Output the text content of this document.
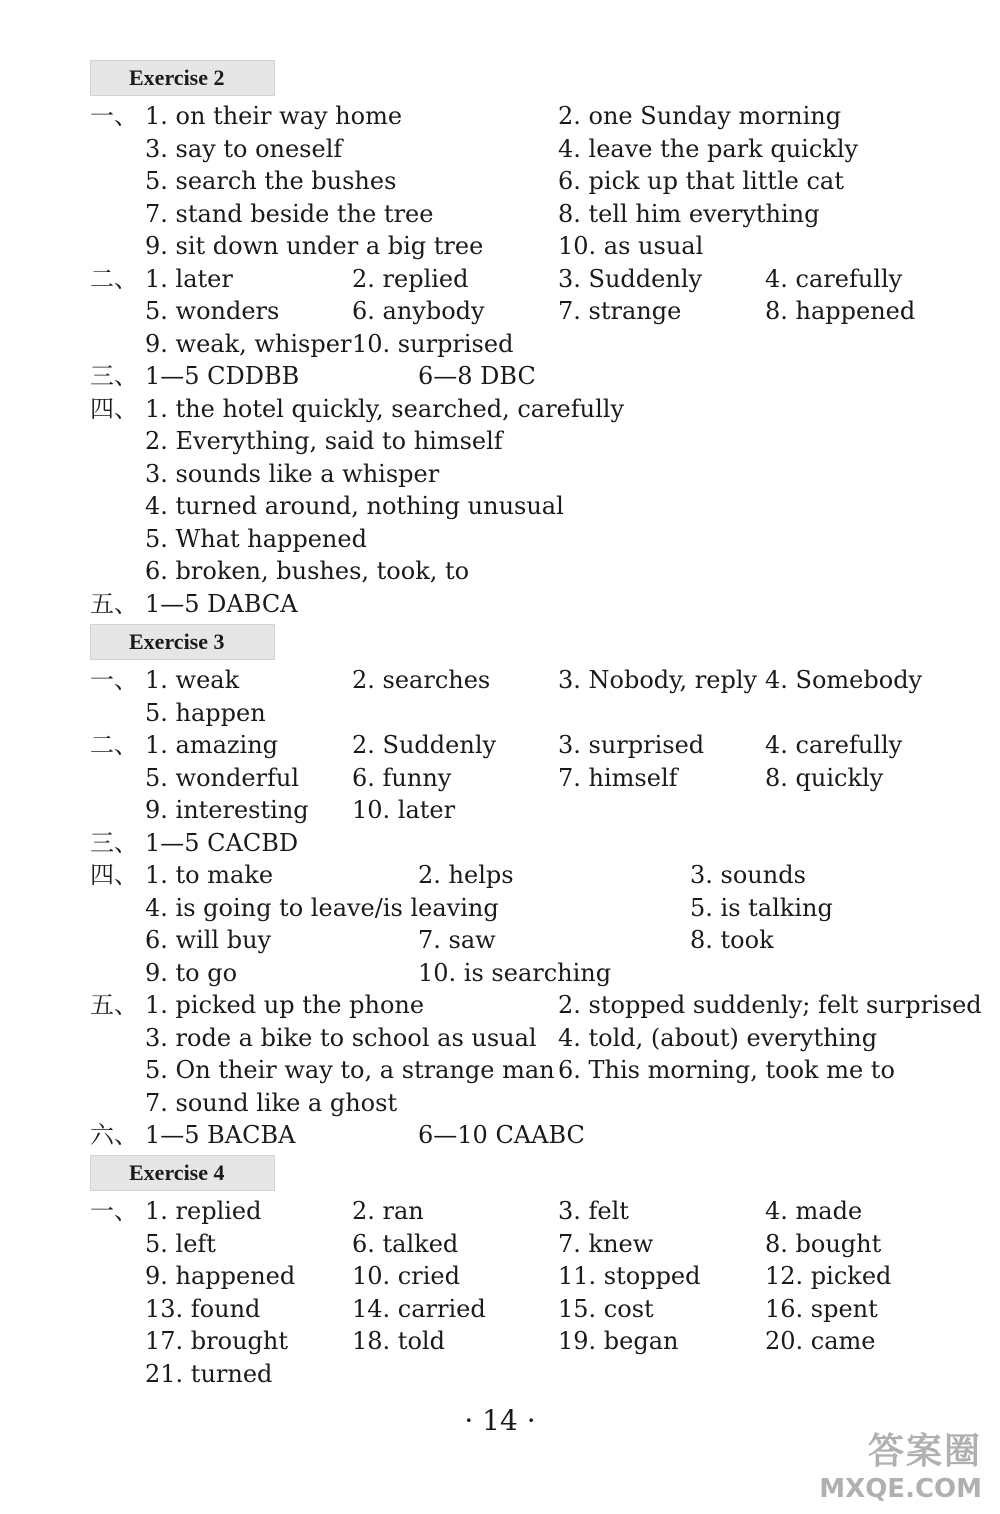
Exercise 2
一、 1. on their way home	2. one Sunday morning
3. say to oneself	4. leave the park quickly
5. search the bushes	6. pick up that little cat
7. stand beside the tree	8. tell him everything
9. sit down under a big tree	10. as usual
二、 1. later	2. replied	3. Suddenly	4. carefully
5. wonders	6. anybody	7. strange	8. happened
9. weak, whisper 10. surprised
三、 1—5 CDDBB	6—8 DBC
四、 1. the hotel quickly, searched, carefully
2. Everything, said to himself
3. sounds like a whisper
4. turned around, nothing unusual
5. What happened
6. broken, bushes, took, to
五、 1—5 DABCA
Exercise 3
一、 1. weak	2. searches	3. Nobody, reply 4. Somebody
5. happen
二、 1. amazing	2. Suddenly	3. surprised	4. carefully
5. wonderful 6. funny	7. himself	8. quickly
9. interesting 10. later
三、 1—5 CACBD
四、 1. to make	2. helps	3. sounds
4. is going to leave/is leaving	5. is talking
6. will buy	7. saw	8. took
9. to go	10. is searching
五、 1. picked up the phone	2. stopped suddenly; felt surprised
3. rode a bike to school as usual 4. told, (about) everything
5. On their way to, a strange man 6. This morning, took me to
7. sound like a ghost
六、 1—5 BACBA	6—10 CAABC
Exercise 4
一、 1. replied	2. ran	3. felt	4. made
5. left	6. talked	7. knew	8. bought
9. happened 10. cried	11. stopped	12. picked
13. found	14. carried	15. cost	16. spent
17. brought	18. told	19. began	20. came
21. turned
· 14 ·
答案圈
MXQE.COM
